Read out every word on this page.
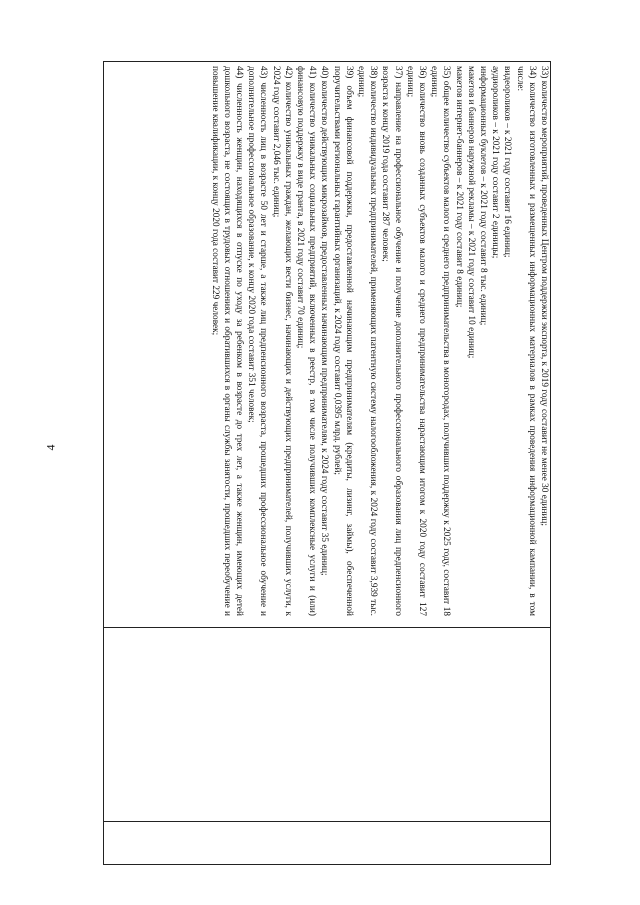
4	33) количество мероприятий, проведенных Центром поддержки экспорта, к 2019 году составит не менее 30 единиц;

34) количество изготовленных и размещенных информационных материалов в рамках проведения информационной кампании, в том числе:

видеороликов – к 2021 году составит 16 единиц;

аудиороликов – к 2021 году составит 2 единицы;

информационных буклетов – к 2021 году составит 8 тыс. единиц;

макетов и баннеров наружной рекламы – к 2021 году составит 10 единиц;

макетов интернет-баннеров – к 2021 году составит 8 единиц;

35) общее количество субъектов малого и среднего предпринимательства в моногородах, получивших поддержку к 2025 году, составит 18 единиц;

36) количество вновь созданных субъектов малого и среднего предпринимательства нарастающим итогом к 2020 году составит 127 единиц;

37) направление на профессиональное обучение и получение дополнительного профессионального образования лиц предпенсионного возраста к концу 2019 года составит 287 человек;

38) количество индивидуальных предпринимателей, применяющих патентную систему налогообложения, к 2024 году составит 3,939 тыс. единиц;

39) объем финансовой поддержки, предоставленной начинающим предпринимателям (кредиты, лизинг, займы), обеспеченной поручительствами региональных гарантийных организаций, к 2024 году составит 0,0395 млрд. рублей;

40) количество действующих микрозаймов, предоставленных начинающим предпринимателям, к 2024 году составит 35 единиц;

41) количество уникальных социальных предприятий, включенных в реестр, в том числе получивших комплексные услуги и (или) финансовую поддержку в виде гранта, в 2021 году составит 70 единиц;

42) количество уникальных граждан, желающих вести бизнес, начинающих и действующих предпринимателей, получивших услуги, к 2024 году составит 2,046 тыс. единиц;

43) численность лиц в возрасте 50 лет и старше, а также лиц предпенсионного возраста, прошедших профессиональное обучение и дополнительное профессиональное образование, к концу 2020 года составит 351 человек;

44) численность женщин, находящихся в отпуске по уходу за ребенком в возрасте до трех лет, а также женщин, имеющих детей дошкольного возраста, не состоящих в трудовых отношениях и обратившихся в органы службы занятости, прошедших переобучение и повышение квалификации, к концу 2020 года составит 229 человек;
